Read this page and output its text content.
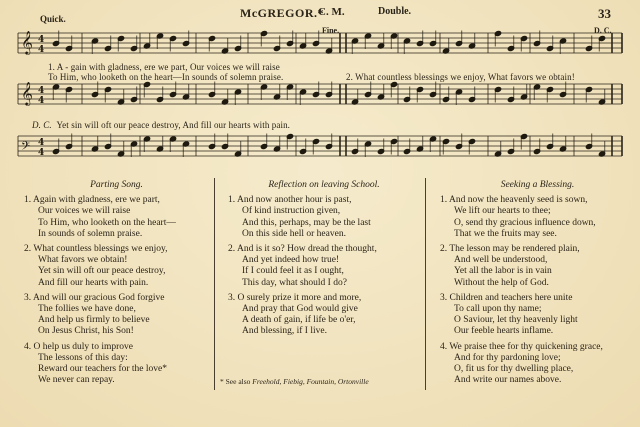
Quick.	McGREGOR.*
C. M.	Double.	33
𝄞 4
4
𝄞 4
4
𝄢 4
4
Fine.	D. C.
1. A - gain with gladness, ere we part, Our voices we will raise
To Him, who looketh on the heart—In sounds of solemn praise.	2. What countless blessings we enjoy, What favors we obtain!
D. C. Yet sin will oft our peace destroy, And fill our hearts with pain.
Parting Song.
1. Again with gladness, ere we part,
Our voices we will raise
To Him, who looketh on the heart—
In sounds of solemn praise.
2. What countless blessings we enjoy,
What favors we obtain!
Yet sin will oft our peace destroy,
And fill our hearts with pain.
3. And will our gracious God forgive
The follies we have done,
And help us firmly to believe
On Jesus Christ, his Son!
4. O help us duly to improve
The lessons of this day:
Reward our teachers for the love*
We never can repay.
Reflection on leaving School.
1. And now another hour is past,
Of kind instruction given,
And this, perhaps, may be the last
On this side hell or heaven.
2. And is it so? How dread the thought,
And yet indeed how true!
If I could feel it as I ought,
This day, what should I do?
3. O surely prize it more and more,
And pray that God would give
A death of gain, if life be o'er,
And blessing, if I live.
Seeking a Blessing.
1. And now the heavenly seed is sown,
We lift our hearts to thee;
O, send thy gracious influence down,
That we the fruits may see.
2. The lesson may be rendered plain,
And well be understood,
Yet all the labor is in vain
Without the help of God.
3. Children and teachers here unite
To call upon thy name;
O Saviour, let thy heavenly light
Our feeble hearts inflame.
4. We praise thee for thy quickening grace,
And for thy pardoning love;
O, fit us for thy dwelling place,
And write our names above.
* See also Freehold, Fiebig, Fountain, Ortonville
